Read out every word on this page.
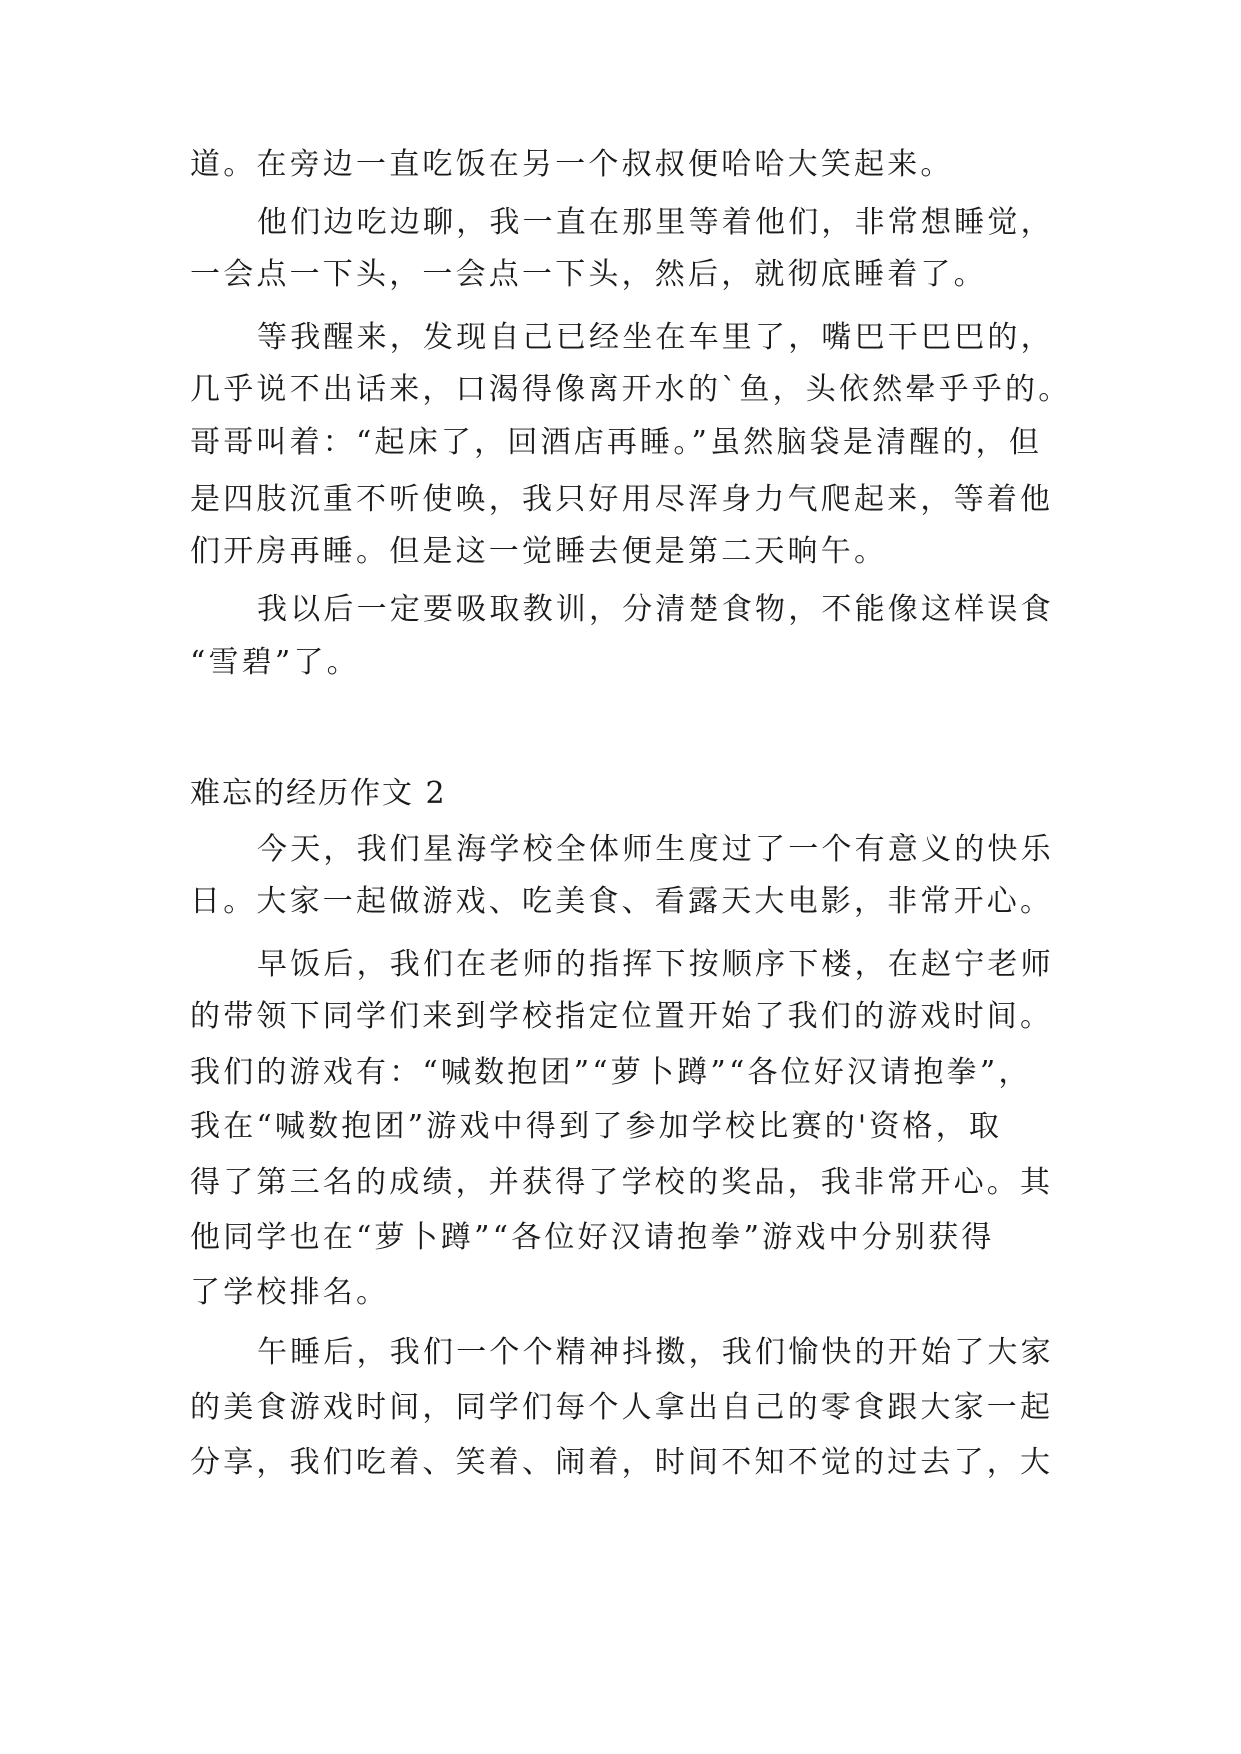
道。在旁边一直吃饭在另一个叔叔便哈哈大笑起来。
他们边吃边聊，我一直在那里等着他们，非常想睡觉，
一会点一下头，一会点一下头，然后，就彻底睡着了。
等我醒来，发现自己已经坐在车里了，嘴巴干巴巴的，
几乎说不出话来，口渴得像离开水的`鱼，头依然晕乎乎的。
哥哥叫着：“起床了，回酒店再睡。”虽然脑袋是清醒的，但
是四肢沉重不听使唤，我只好用尽浑身力气爬起来，等着他
们开房再睡。但是这一觉睡去便是第二天晌午。
我以后一定要吸取教训，分清楚食物，不能像这样误食
“雪碧”了。
难忘的经历作文 2
今天，我们星海学校全体师生度过了一个有意义的快乐
日。大家一起做游戏、吃美食、看露天大电影，非常开心。
早饭后，我们在老师的指挥下按顺序下楼，在赵宁老师
的带领下同学们来到学校指定位置开始了我们的游戏时间。
我们的游戏有：“喊数抱团”“萝卜蹲”“各位好汉请抱拳”，
我在“喊数抱团”游戏中得到了参加学校比赛的'资格，取
得了第三名的成绩，并获得了学校的奖品，我非常开心。其
他同学也在“萝卜蹲”“各位好汉请抱拳”游戏中分别获得
了学校排名。
午睡后，我们一个个精神抖擞，我们愉快的开始了大家
的美食游戏时间，同学们每个人拿出自己的零食跟大家一起
分享，我们吃着、笑着、闹着，时间不知不觉的过去了，大
